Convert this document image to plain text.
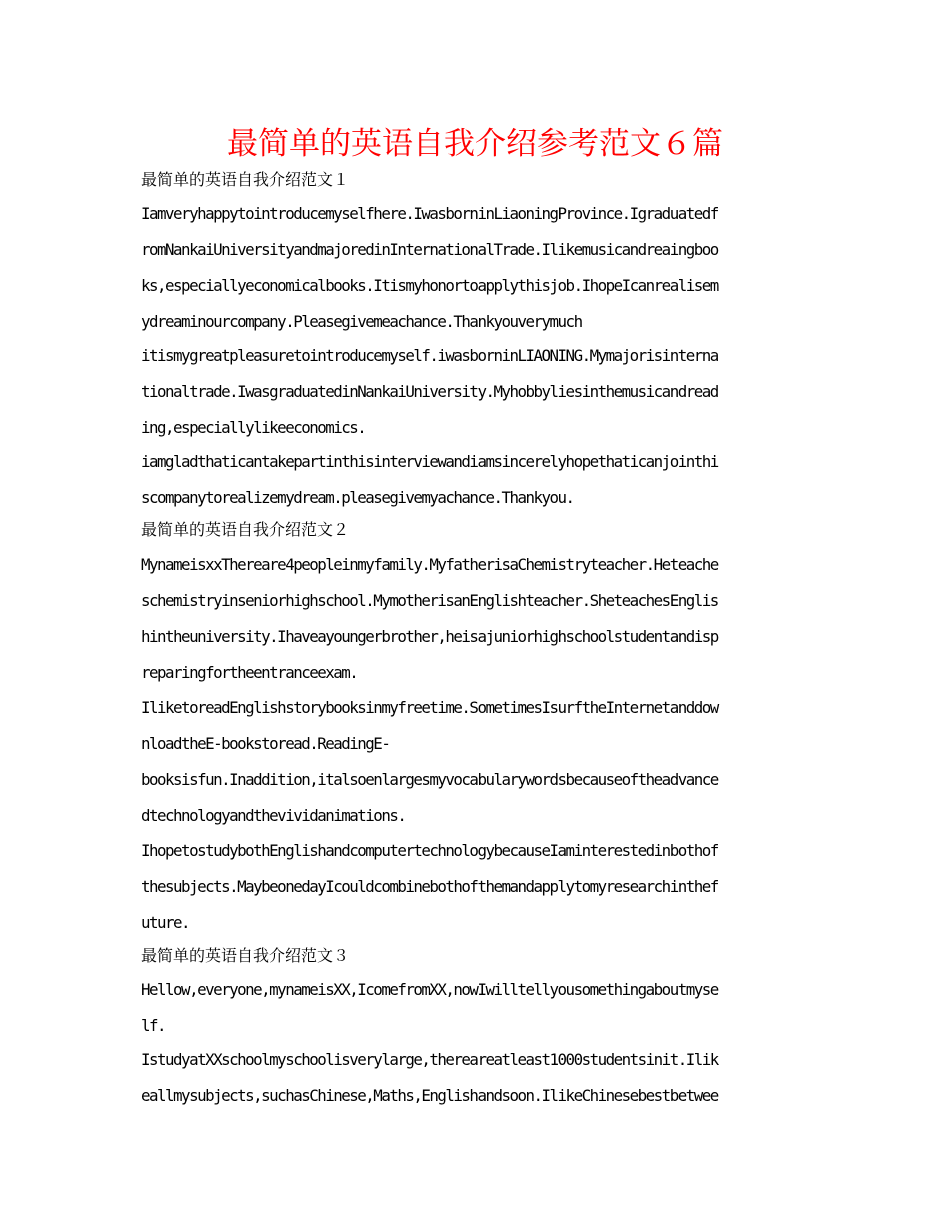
最简单的英语自我介绍参考范文６篇

最简单的英语自我介绍范文１

Iamveryhappytointroducemyselfhere.IwasborninLiaoningProvince.Igraduatedf

romNankaiUniversityandmajoredinInternationalTrade.Ilikemusicandreaingboo

ks,especiallyeconomicalbooks.Itismyhonortoapplythisjob.IhopeIcanrealisem

ydreaminourcompany.Pleasegivemeachance.Thankyouverymuch

itismygreatpleasuretointroducemyself.iwasborninLIAONING.Mymajorisinterna

tionaltrade.IwasgraduatedinNankaiUniversity.Myhobbyliesinthemusicandread

ing,especiallylikeeconomics.

iamgladthaticantakepartinthisinterviewandiamsincerelyhopethaticanjointhi

scompanytorealizemydream.pleasegivemyachance.Thankyou.

最简单的英语自我介绍范文２

MynameisxxThereare4peopleinmyfamily.MyfatherisaChemistryteacher.Heteache

schemistryinseniorhighschool.MymotherisanEnglishteacher.SheteachesEnglis

hintheuniversity.Ihaveayoungerbrother,heisajuniorhighschoolstudentandisp

reparingfortheentranceexam.

IliketoreadEnglishstorybooksinmyfreetime.SometimesIsurftheInternetanddow

nloadtheE-bookstoread.ReadingE-

booksisfun.Inaddition,italsoenlargesmyvocabularywordsbecauseoftheadvance

dtechnologyandthevividanimations.

IhopetostudybothEnglishandcomputertechnologybecauseIaminterestedinbothof

thesubjects.MaybeonedayIcouldcombinebothofthemandapplytomyresearchinthef

uture.

最简单的英语自我介绍范文３

Hellow,everyone,mynameisXX,IcomefromXX,nowIwilltellyousomethingaboutmyse

lf.

IstudyatXXschoolmyschoolisverylarge,thereareatleast1000studentsinit.Ilik

eallmysubjects,suchasChinese,Maths,Englishandsoon.IlikeChinesebestbetwee
